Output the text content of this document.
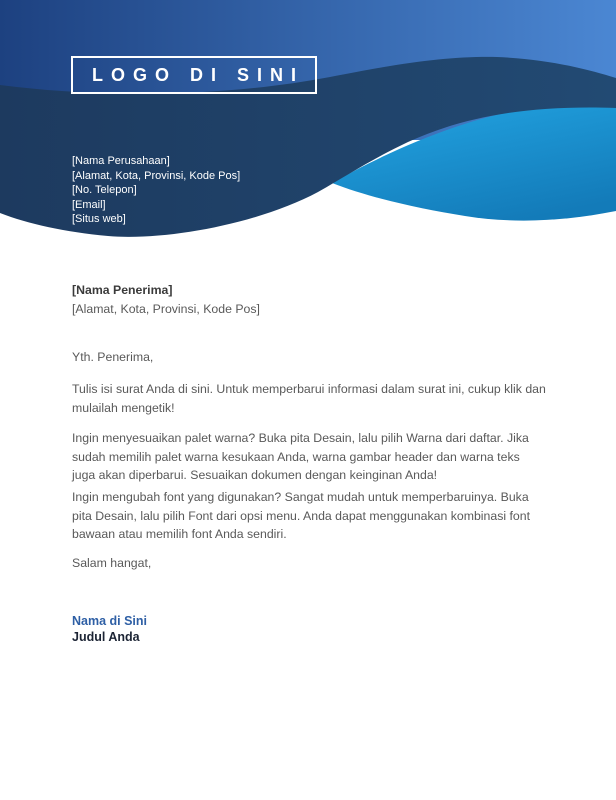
LOGO DI SINI
[Nama Perusahaan]
[Alamat, Kota, Provinsi, Kode Pos]
[No. Telepon]
[Email]
[Situs web]
[Nama Penerima]
[Alamat, Kota, Provinsi, Kode Pos]
Yth. Penerima,
Tulis isi surat Anda di sini. Untuk memperbarui informasi dalam surat ini, cukup klik dan mulailah mengetik!
Ingin menyesuaikan palet warna? Buka pita Desain, lalu pilih Warna dari daftar. Jika sudah memilih palet warna kesukaan Anda, warna gambar header dan warna teks juga akan diperbarui. Sesuaikan dokumen dengan keinginan Anda!
Ingin mengubah font yang digunakan? Sangat mudah untuk memperbaruinya. Buka pita Desain, lalu pilih Font dari opsi menu. Anda dapat menggunakan kombinasi font bawaan atau memilih font Anda sendiri.
Salam hangat,
Nama di Sini
Judul Anda
